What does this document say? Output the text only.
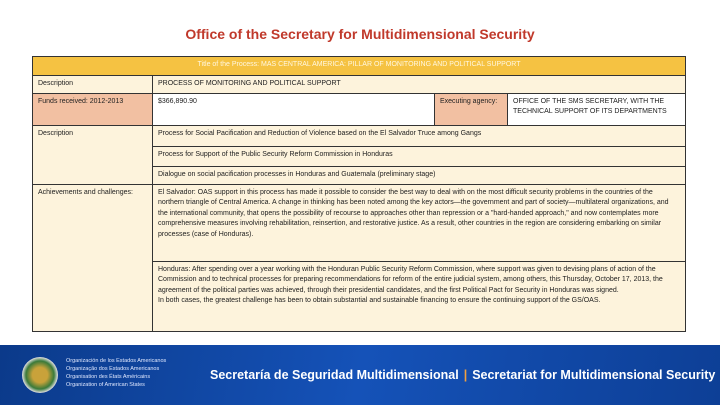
Office of the Secretary for Multidimensional Security
Title of the Process: MAS CENTRAL AMERICA: PILLAR OF MONITORING AND POLITICAL SUPPORT			
Description	PROCESS OF MONITORING AND POLITICAL SUPPORT		
Funds received: 2012-2013	$366,890.90	Executing agency:	OFFICE OF THE SMS SECRETARY, WITH THE TECHNICAL SUPPORT OF ITS DEPARTMENTS
Description	Process for Social Pacification and Reduction of Violence based on the El Salvador Truce among Gangs		
	Process for Support of the Public Security Reform Commission in Honduras		
	Dialogue on social pacification processes in Honduras and Guatemala (preliminary stage)		
Achievements and challenges:	El Salvador: OAS support in this process has made it possible to consider the best way to deal with on the most difficult security problems in the countries of the northern triangle of Central America. A change in thinking has been noted among the key actors—the government and part of society—multilateral organizations, and the international community, that opens the possibility of recourse to approaches other than repression or a "hard-handed approach," and now contemplates more comprehensive measures involving rehabilitation, reinsertion, and restorative justice. As a result, other countries in the region are considering embarking on similar processes (case of Honduras).		

	Honduras: After spending over a year working with the Honduran Public Security Reform Commission, where support was given to devising plans of action of the Commission and to technical processes for preparing recommendations for reform of the entire judicial system, among others, this Thursday, October 17, 2013, the agreement of the political parties was achieved, through their presidential candidates, and the first Political Pact for Security in Honduras was signed.
In both cases, the greatest challenge has been to obtain substantial and sustainable financing to ensure the continuing support of the GS/OAS.		
Organización de los Estados Americanos
Organização dos Estados Americanos
Organisation des États Américains
Organization of American States
Secretaría de Seguridad Multidimensional | Secretariat for Multidimensional Security
